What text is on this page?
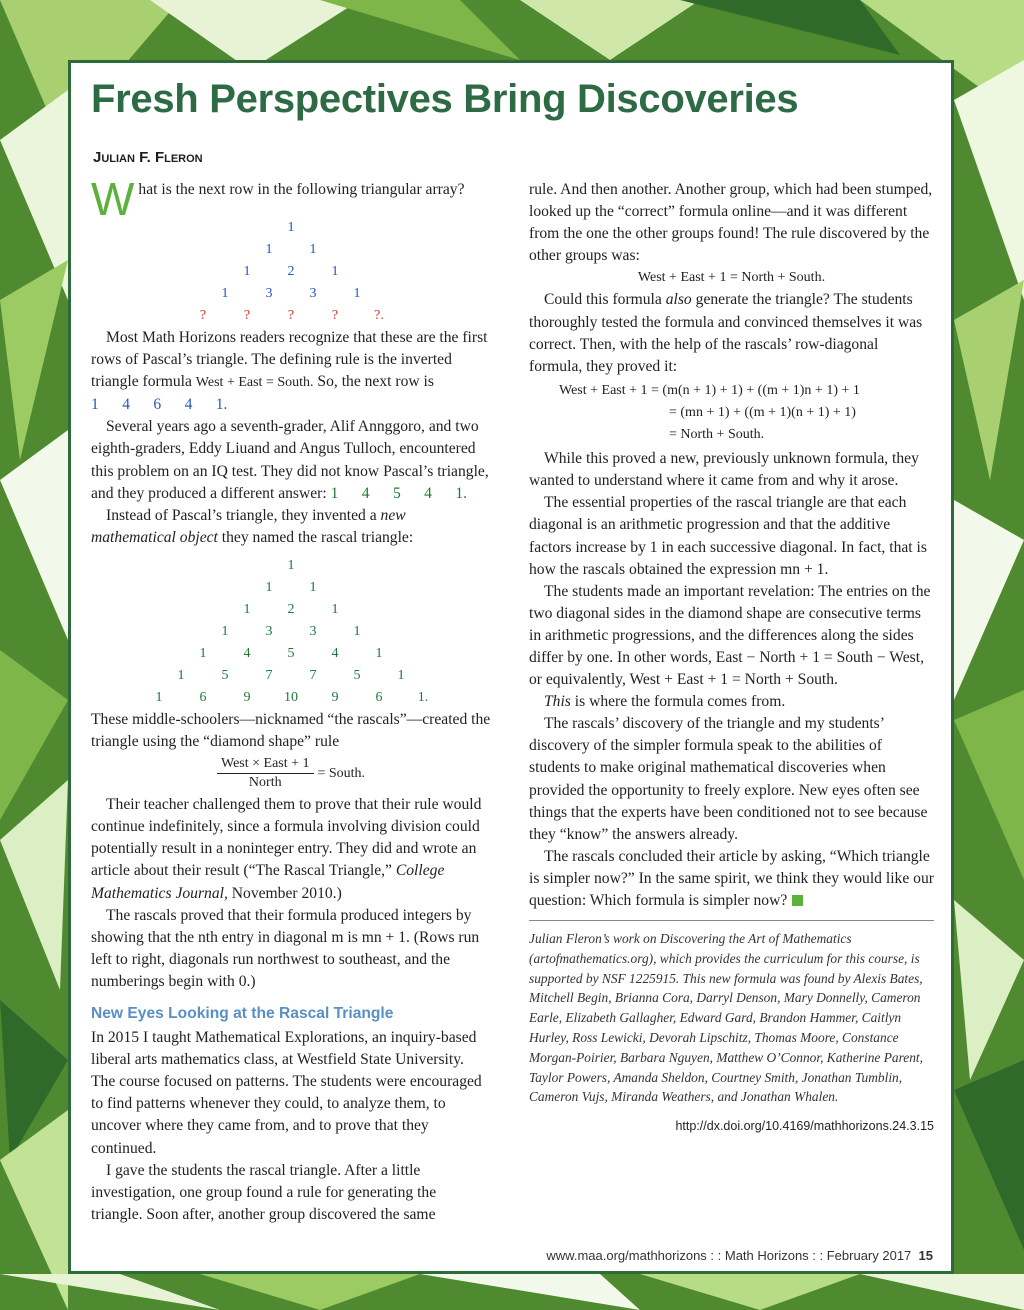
Fresh Perspectives Bring Discoveries
Julian F. Fleron

What is the next row in the following triangular array?

1
1	1
1	2	1
1	3	3	1
?	?	?	?	?.

Most Math Horizons readers recognize that these are the first rows of Pascal’s triangle. The defining rule is the inverted triangle formula West + East = South. So, the next row is 1      4      6      4      1.

Several years ago a seventh-grader, Alif Annggoro, and two eighth-graders, Eddy Liuand and Angus Tulloch, encountered this problem on an IQ test. They did not know Pascal’s triangle, and they produced a different answer: 1      4      5      4      1.

Instead of Pascal’s triangle, they invented a new mathematical object they named the rascal triangle:

1
1	1
1	2	1
1	3	3	1
1	4	5	4	1
1	5	7	7	5	1
1	6	9 10 9	6	1.

These middle-schoolers—nicknamed “the rascals”—created the triangle using the “diamond shape” rule

$\frac{\text{West × East + 1}}{\text{North}}$ = South.

Their teacher challenged them to prove that their rule would continue indefinitely, since a formula involving division could potentially result in a noninteger entry. They did and wrote an article about their result (“The Rascal Triangle,” College Mathematics Journal, November 2010.)

The rascals proved that their formula produced integers by showing that the nth entry in diagonal m is mn + 1. (Rows run left to right, diagonals run northwest to southeast, and the numberings begin with 0.)

New Eyes Looking at the Rascal Triangle

In 2015 I taught Mathematical Explorations, an inquiry-based liberal arts mathematics class, at Westfield State University. The course focused on patterns. The students were encouraged to find patterns whenever they could, to analyze them, to uncover where they came from, and to prove that they continued.

I gave the students the rascal triangle. After a little investigation, one group found a rule for generating the triangle. Soon after, another group discovered the same

rule. And then another. Another group, which had been stumped, looked up the “correct” formula online—and it was different from the one the other groups found! The rule discovered by the other groups was:

West + East + 1 = North + South.

Could this formula also generate the triangle? The students thoroughly tested the formula and convinced themselves it was correct. Then, with the help of the rascals’ row-diagonal formula, they proved it:

West + East + 1 = (m(n + 1) + 1) + ((m + 1)n + 1) + 1
= (mn + 1) + ((m + 1)(n + 1) + 1)
= North + South.

While this proved a new, previously unknown formula, they wanted to understand where it came from and why it arose.

The essential properties of the rascal triangle are that each diagonal is an arithmetic progression and that the additive factors increase by 1 in each successive diagonal. In fact, that is how the rascals obtained the expression mn + 1.

The students made an important revelation: The entries on the two diagonal sides in the diamond shape are consecutive terms in arithmetic progressions, and the differences along the sides differ by one. In other words, East − North + 1 = South − West, or equivalently, West + East + 1 = North + South.

This is where the formula comes from.

The rascals’ discovery of the triangle and my students’ discovery of the simpler formula speak to the abilities of students to make original mathematical discoveries when provided the opportunity to freely explore. New eyes often see things that the experts have been conditioned not to see because they “know” the answers already.

The rascals concluded their article by asking, “Which triangle is simpler now?” In the same spirit, we think they would like our question: Which formula is simpler now?

Julian Fleron’s work on Discovering the Art of Mathematics (artofmathematics.org), which provides the curriculum for this course, is supported by NSF 1225915. This new formula was found by Alexis Bates, Mitchell Begin, Brianna Cora, Darryl Denson, Mary Donnelly, Cameron Earle, Elizabeth Gallagher, Edward Gard, Brandon Hammer, Caitlyn Hurley, Ross Lewicki, Devorah Lipschitz, Thomas Moore, Constance Morgan-Poirier, Barbara Nguyen, Matthew O’Connor, Katherine Parent, Taylor Powers, Amanda Sheldon, Courtney Smith, Jonathan Tumblin, Cameron Vujs, Miranda Weathers, and Jonathan Whalen.
http://dx.doi.org/10.4169/mathhorizons.24.3.15
www.maa.org/mathhorizons : : Math Horizons : : February 2017 15
